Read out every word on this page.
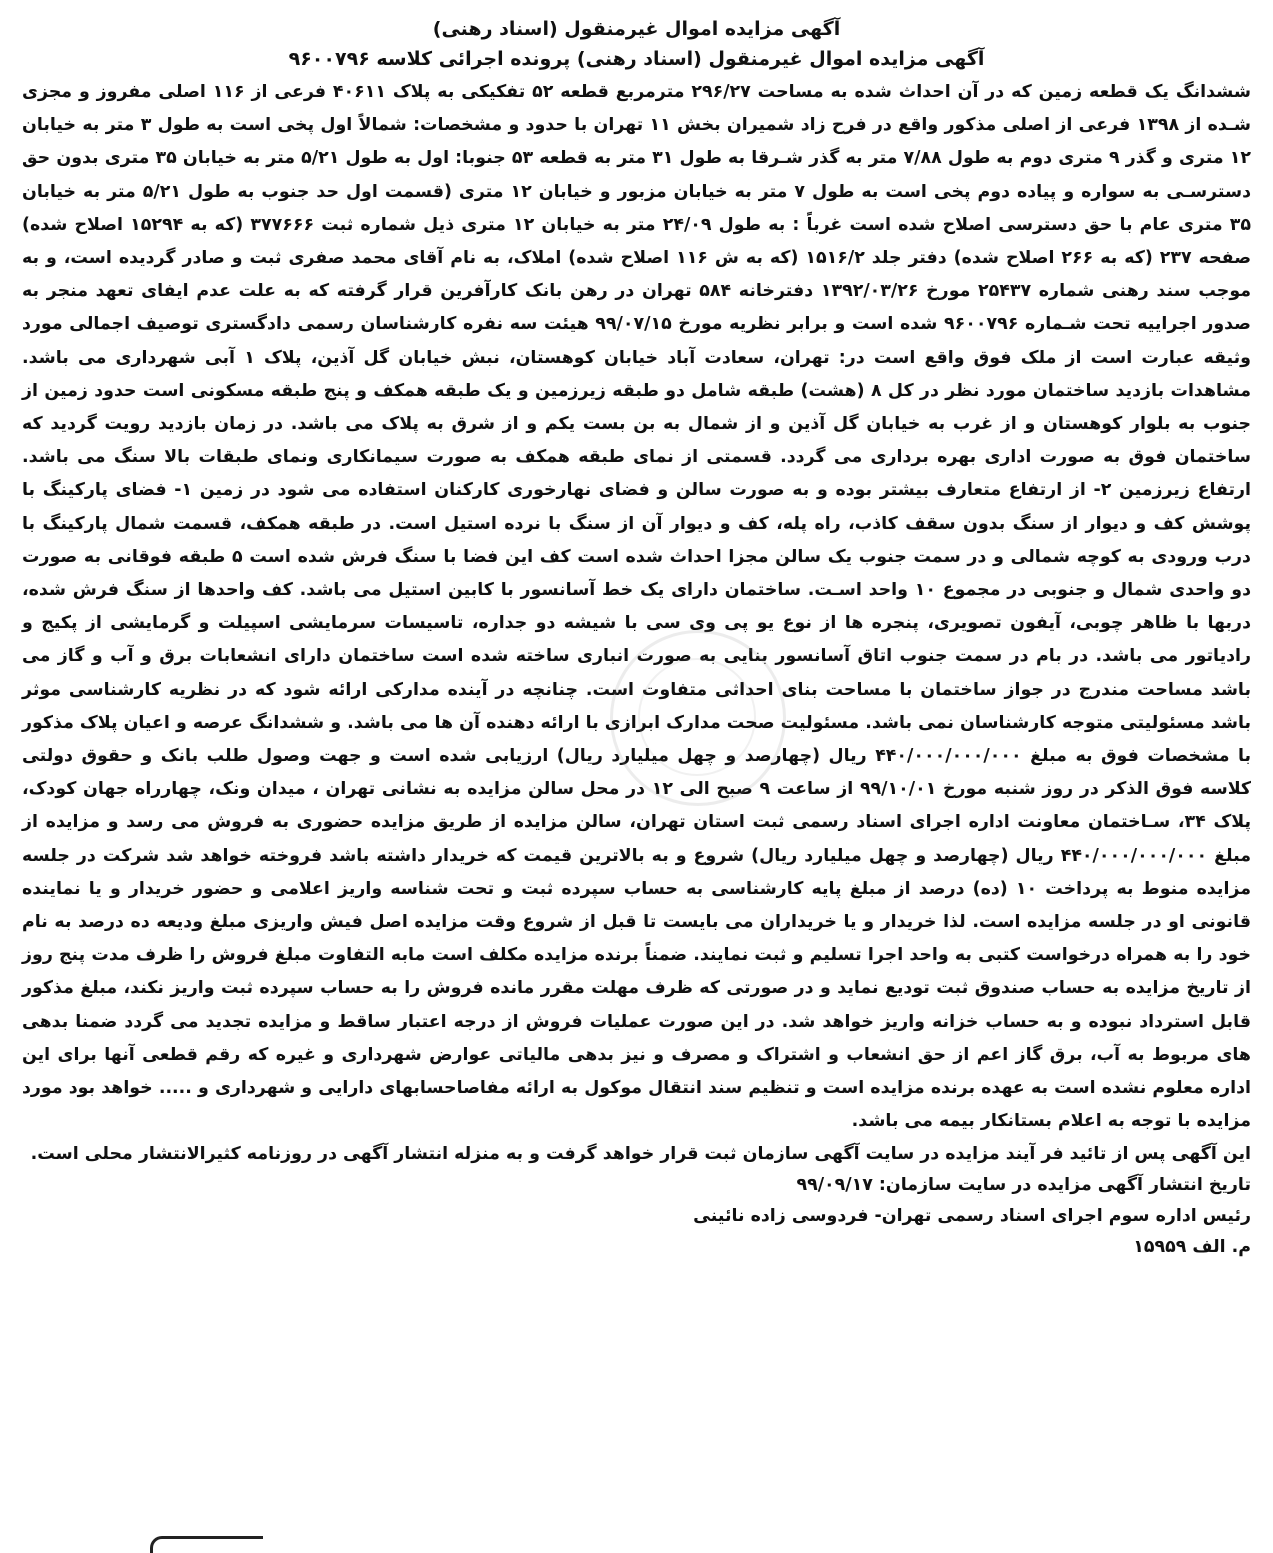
آگهی مزایده اموال غیرمنقول (اسناد رهنی)
آگهی مزایده اموال غیرمنقول (اسناد رهنی) پرونده اجرائی کلاسه ۹۶۰۰۷۹۶

ششدانگ یک قطعه زمین که در آن احداث شده به مساحت ۲۹۶/۲۷ مترمربع قطعه ۵۲ تفکیکی به پلاک ۴۰۶۱۱ فرعی از ۱۱۶ اصلی مفروز و مجزی شـده از ۱۳۹۸ فرعی از اصلی مذکور واقع در فرح زاد شمیران بخش ۱۱ تهران با حدود و مشخصات: شمالاً اول پخی است به طول ۳ متر به خیابان ۱۲ متری و گذر ۹ متری دوم به طول ۷/۸۸ متر به گذر شـرقا به طول ۳۱ متر به قطعه ۵۳ جنوبا: اول به طول ۵/۲۱ متر به خیابان ۳۵ متری بدون حق دسترسـی به سواره و پیاده دوم پخی است به طول ۷ متر به خیابان مزبور و خیابان ۱۲ متری (قسمت اول حد جنوب به طول ۵/۲۱ متر به خیابان ۳۵ متری عام با حق دسترسی اصلاح شده است غرباً : به طول ۲۴/۰۹ متر به خیابان ۱۲ متری ذیل شماره ثبت ۳۷۷۶۶۶ (که به ۱۵۲۹۴ اصلاح شده) صفحه ۲۳۷ (که به ۲۶۶ اصلاح شده) دفتر جلد ۱۵۱۶/۲ (که به ش ۱۱۶ اصلاح شده) املاک، به نام آقای محمد صفری ثبت و صادر گردیده است، و به موجب سند رهنی شماره ۲۵۴۳۷ مورخ ۱۳۹۲/۰۳/۲۶ دفترخانه ۵۸۴ تهران در رهن بانک کارآفرین قرار گرفته که به علت عدم ایفای تعهد منجر به صدور اجراییه تحت شـماره ۹۶۰۰۷۹۶ شده است و برابر نظریه مورخ ۹۹/۰۷/۱۵ هیئت سه نفره کارشناسان رسمی دادگستری توصیف اجمالی مورد وثیقه عبارت است از ملک فوق واقع است در: تهران، سعادت آباد خیابان کوهستان، نبش خیابان گل آذین، پلاک ۱ آبی شهرداری می باشد. مشاهدات بازدید ساختمان مورد نظر در کل ۸ (هشت) طبقه شامل دو طبقه زیرزمین و یک طبقه همکف و پنج طبقه مسکونی است حدود زمین از جنوب به بلوار کوهستان و از غرب به خیابان گل آذین و از شمال به بن بست یکم و از شرق به پلاک می باشد. در زمان بازدید رویت گردید که ساختمان فوق به صورت اداری بهره برداری می گردد. قسمتی از نمای طبقه همکف به صورت سیمانکاری ونمای طبقات بالا سنگ می باشد. ارتفاع زیرزمین ۲- از ارتفاع متعارف بیشتر بوده و به صورت سالن و فضای نهارخوری کارکنان استفاده می شود در زمین ۱- فضای پارکینگ با پوشش کف و دیوار از سنگ بدون سقف کاذب، راه پله، کف و دیوار آن از سنگ با نرده استیل است. در طبقه همکف، قسمت شمال پارکینگ با درب ورودی به کوچه شمالی و در سمت جنوب یک سالن مجزا احداث شده است کف این فضا با سنگ فرش شده است ۵ طبقه فوقانی به صورت دو واحدی شمال و جنوبی در مجموع ۱۰ واحد اسـت. ساختمان دارای یک خط آسانسور با کابین استیل می باشد. کف واحدها از سنگ فرش شده، دربها با ظاهر چوبی، آیفون تصویری، پنجره ها از نوع یو پی وی سی با شیشه دو جداره، تاسیسات سرمایشی اسپیلت و گرمایشی از پکیج و رادیاتور می باشد. در بام در سمت جنوب اتاق آسانسور بنایی به صورت انباری ساخته شده است ساختمان دارای انشعابات برق و آب و گاز می باشد مساحت مندرج در جواز ساختمان با مساحت بنای احداثی متفاوت است. چنانچه در آینده مدارکی ارائه شود که در نظریه کارشناسی موثر باشد مسئولیتی متوجه کارشناسان نمی باشد. مسئولیت صحت مدارک ابرازی با ارائه دهنده آن ها می باشد. و ششدانگ عرصه و اعیان پلاک مذکور با مشخصات فوق به مبلغ ۴۴۰/۰۰۰/۰۰۰/۰۰۰ ریال (چهارصد و چهل میلیارد ریال) ارزیابی شده است و جهت وصول طلب بانک و حقوق دولتی کلاسه فوق الذکر در روز شنبه مورخ ۹۹/۱۰/۰۱ از ساعت ۹ صبح الی ۱۲ در محل سالن مزایده به نشانی تهران ، میدان ونک، چهارراه جهان کودک، پلاک ۳۴، سـاختمان معاونت اداره اجرای اسناد رسمی ثبت استان تهران، سالن مزایده از طریق مزایده حضوری به فروش می رسد و مزایده از مبلغ ۴۴۰/۰۰۰/۰۰۰/۰۰۰ ریال (چهارصد و چهل میلیارد ریال) شروع و به بالاترین قیمت که خریدار داشته باشد فروخته خواهد شد شرکت در جلسه مزایده منوط به پرداخت ۱۰ (ده) درصد از مبلغ پایه کارشناسی به حساب سپرده ثبت و تحت شناسه واریز اعلامی و حضور خریدار و یا نماینده قانونی او در جلسه مزایده است. لذا خریدار و یا خریداران می بایست تا قبل از شروع وقت مزایده اصل فیش واریزی مبلغ ودیعه ده درصد به نام خود را به همراه درخواست کتبی به واحد اجرا تسلیم و ثبت نمایند. ضمناً برنده مزایده مکلف است مابه التفاوت مبلغ فروش را ظرف مدت پنج روز از تاریخ مزایده به حساب صندوق ثبت تودیع نماید و در صورتی که ظرف مهلت مقرر مانده فروش را به حساب سپرده ثبت واریز نکند، مبلغ مذکور قابل استرداد نبوده و به حساب خزانه واریز خواهد شد. در این صورت عملیات فروش از درجه اعتبار ساقط و مزایده تجدید می گردد ضمنا بدهی های مربوط به آب، برق گاز اعم از حق انشعاب و اشتراک و مصرف و نیز بدهی مالیاتی عوارض شهرداری و غیره که رقم قطعی آنها برای این اداره معلوم نشده است به عهده برنده مزایده است و تنظیم سند انتقال موکول به ارائه مفاصاحسابهای دارایی و شهرداری و ..... خواهد بود مورد مزایده با توجه به اعلام بستانکار بیمه می باشد.

این آگهی پس از تائید فر آیند مزایده در سایت آگهی سازمان ثبت قرار خواهد گرفت و به منزله انتشار آگهی در روزنامه کثیرالانتشار محلی است.

تاریخ انتشار آگهی مزایده در سایت سازمان: ۹۹/۰۹/۱۷

رئیس اداره سوم اجرای اسناد رسمی تهران- فردوسی زاده نائینی

م. الف ۱۵۹۵۹
